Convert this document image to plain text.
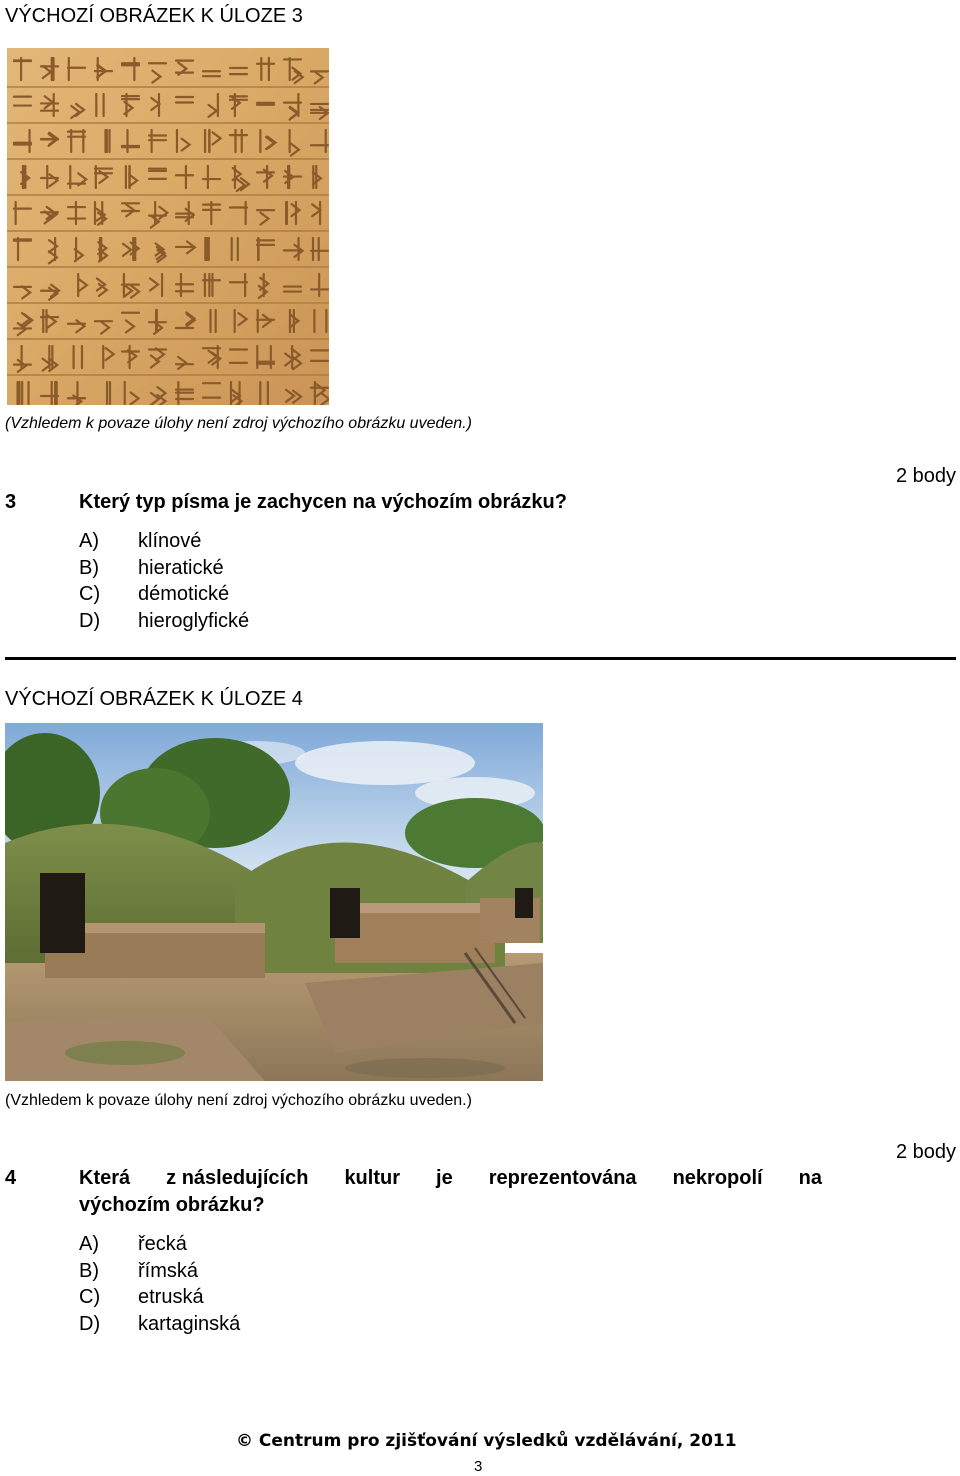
VÝCHOZÍ OBRÁZEK K ÚLOZE 3
(Vzhledem k povaze úlohy není zdroj výchozího obrázku uveden.)
3	Který typ písma je zachycen na výchozím obrázku?
2 body
A) klínové
B) hieratické
C) démotické
D) hieroglyfické
VÝCHOZÍ OBRÁZEK K ÚLOZE 4
(Vzhledem k povaze úlohy není zdroj výchozího obrázku uveden.)
4	Která z následujících kultur je reprezentována nekropolí na
výchozím obrázku?
2 body
A) řecká
B) římská
C) etruská
D) kartaginská
© Centrum pro zjišťování výsledků vzdělávání, 2011
3
